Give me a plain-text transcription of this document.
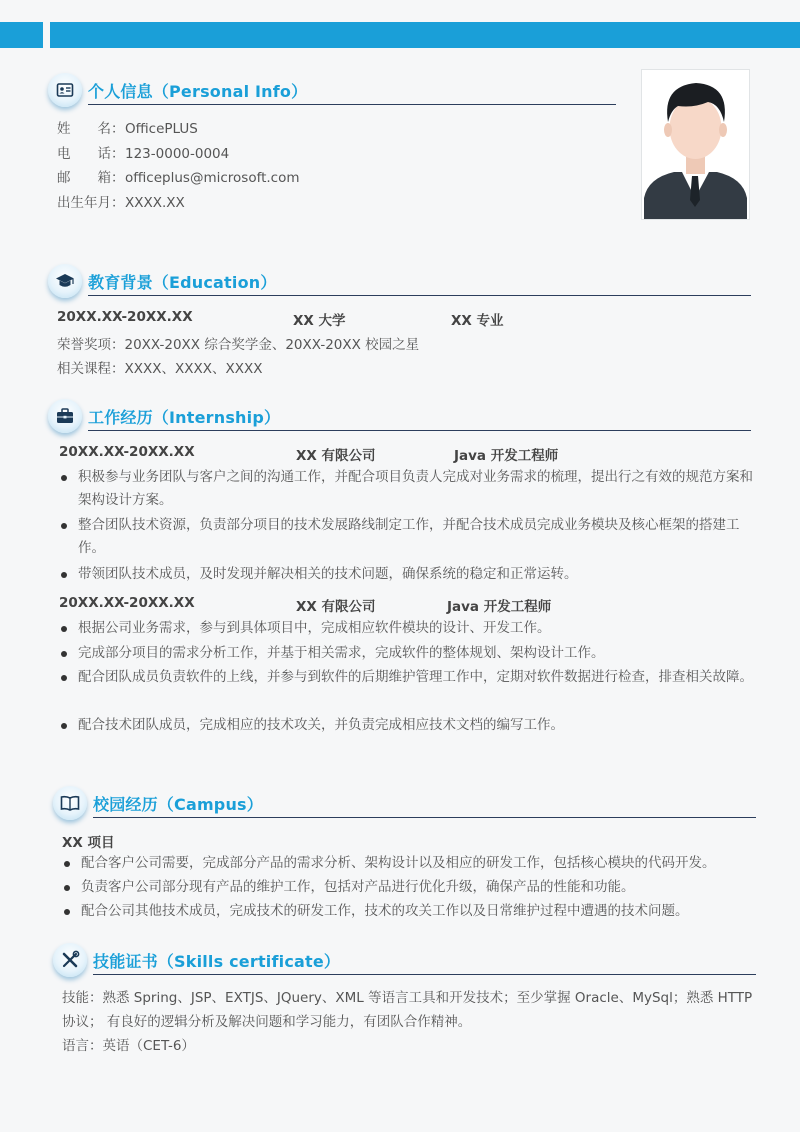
个人信息（Personal Info）
姓　　名：OfficePLUS
电　　话：123-0000-0004
邮　　箱：officeplus@microsoft.com
出生年月：XXXX.XX
教育背景（Education）
20XX.XX-20XX.XX	XX 大学	XX 专业
荣誉奖项：20XX-20XX 综合奖学金、20XX-20XX 校园之星
相关课程：XXXX、XXXX、XXXX
工作经历（Internship）
20XX.XX-20XX.XX	XX 有限公司	Java 开发工程师
积极参与业务团队与客户之间的沟通工作，并配合项目负责人完成对业务需求的梳理，提出行之有效的规范方案和架构设计方案。
整合团队技术资源，负责部分项目的技术发展路线制定工作，并配合技术成员完成业务模块及核心框架的搭建工作。
带领团队技术成员，及时发现并解决相关的技术问题，确保系统的稳定和正常运转。
20XX.XX-20XX.XX	XX 有限公司	Java 开发工程师
根据公司业务需求，参与到具体项目中，完成相应软件模块的设计、开发工作。
完成部分项目的需求分析工作，并基于相关需求，完成软件的整体规划、架构设计工作。
配合团队成员负责软件的上线，并参与到软件的后期维护管理工作中，定期对软件数据进行检查，排查相关故障。
配合技术团队成员，完成相应的技术攻关，并负责完成相应技术文档的编写工作。
校园经历（Campus）
XX 项目
配合客户公司需要，完成部分产品的需求分析、架构设计以及相应的研发工作，包括核心模块的代码开发。
负责客户公司部分现有产品的维护工作，包括对产品进行优化升级，确保产品的性能和功能。
配合公司其他技术成员，完成技术的研发工作，技术的攻关工作以及日常维护过程中遭遇的技术问题。
技能证书（Skills certificate）
技能：熟悉 Spring、JSP、EXTJS、JQuery、XML 等语言工具和开发技术；至少掌握 Oracle、MySql；熟悉 HTTP 协议； 有良好的逻辑分析及解决问题和学习能力，有团队合作精神。
语言：英语（CET-6）
